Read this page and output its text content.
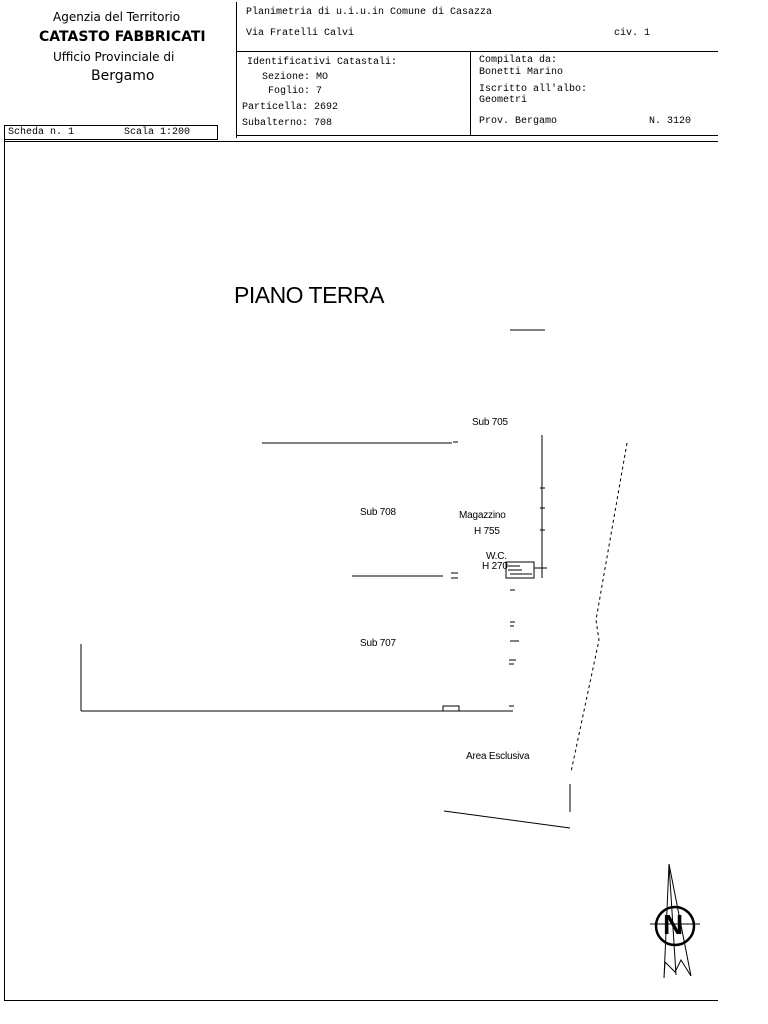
Agenzia del Territorio
CATASTO FABBRICATI
Ufficio Provinciale di
Bergamo
Scheda n. 1	Scala 1:200
Planimetria di u.i.u.in Comune di Casazza
Via Fratelli Calvi	civ. 1
Identificativi Catastali:
Sezione: MO
Foglio: 7
Particella: 2692
Subalterno: 708
Compilata da:
Bonetti Marino
Iscritto all'albo:
Geometri
Prov. Bergamo	N. 3120
PIANO TERRA
Sub 705
Sub 708	Magazzino
H 755
W.C.
H 270
Sub 707
Area Esclusiva
N
